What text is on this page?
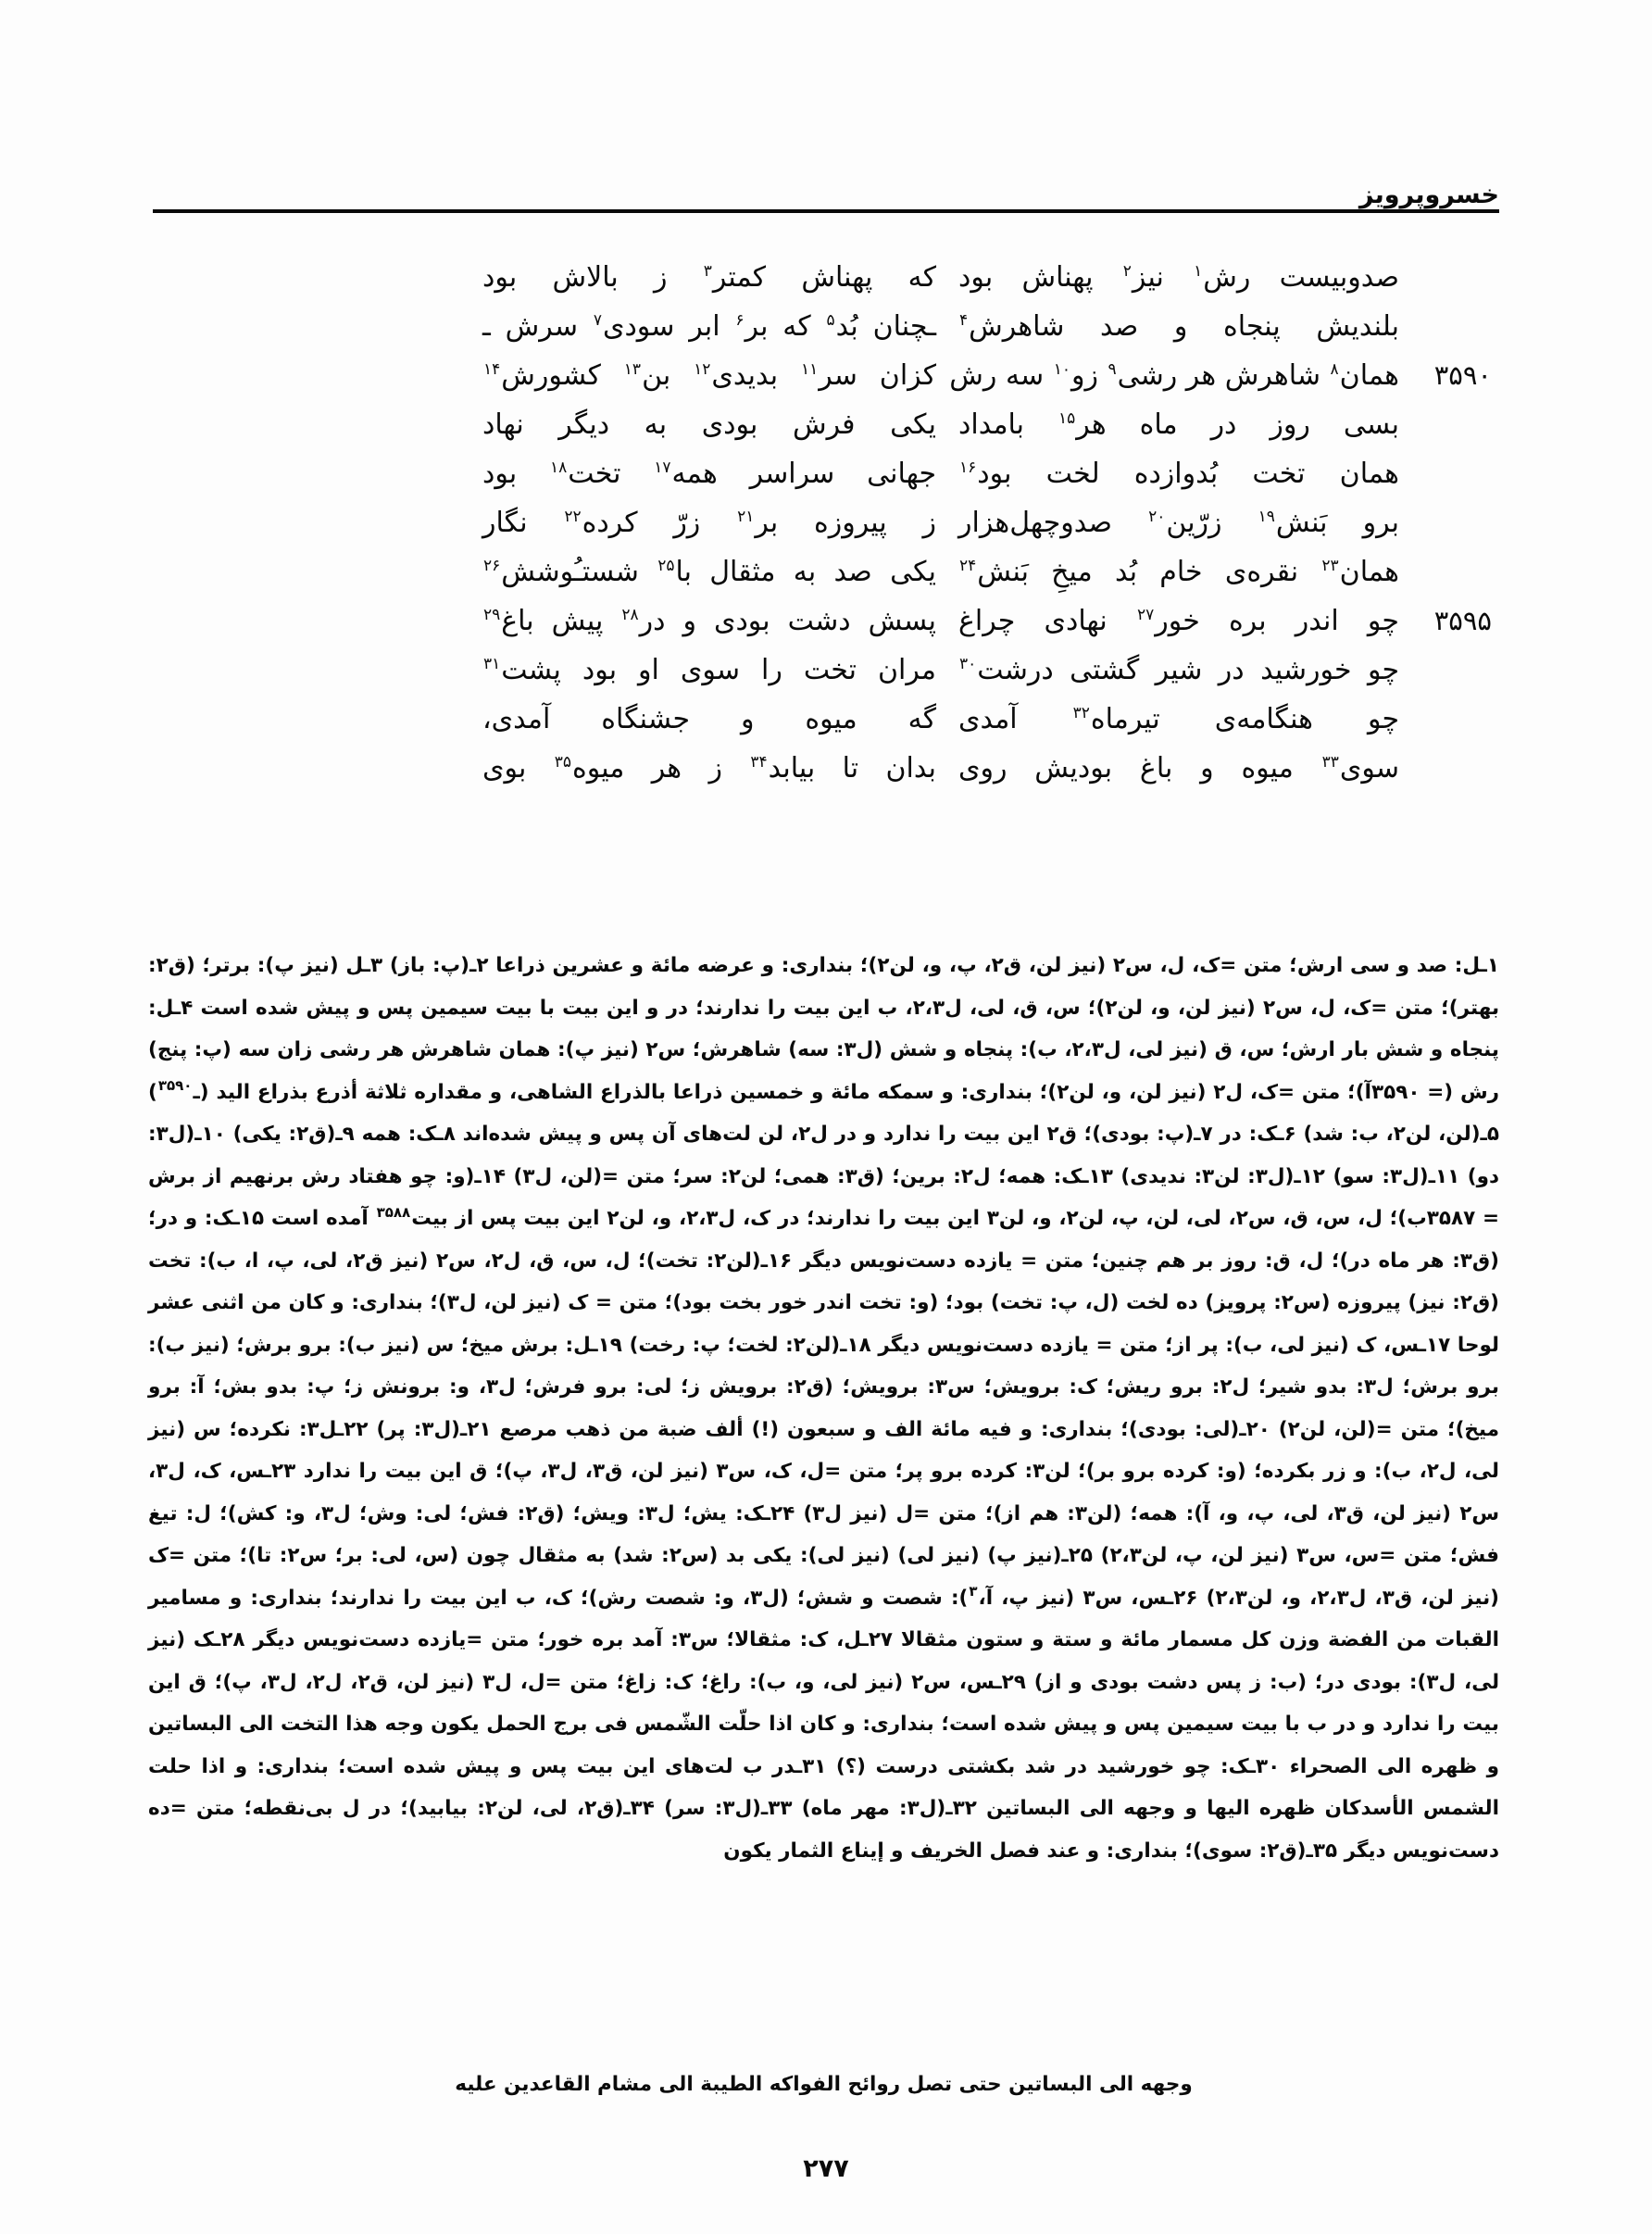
خسروپرویز
صدوبیست رش$^۱$ نیز$^۲$ پهناش بود
که پهناش کمتر$^۳$ ز بالاش بود
بلندیش پنجاه و صد شاهرش$^۴$
ـچنان بُد$^۵$ که بر$^۶$ ابر سودی$^۷$ سرش ـ
۳۵۹۰
همان$^۸$ شاهرش هر رشی$^۹$ زو$^{۱۰}$ سه رش
کزان سر$^{۱۱}$ بدیدی$^{۱۲}$ بن$^{۱۳}$ کشورش$^{۱۴}$
بسی روز در ماه هر$^{۱۵}$ بامداد
یکی فرش بودی به دیگر نهاد
همان تخت بُدوازده لخت بود$^{۱۶}$
جهانی سراسر همه$^{۱۷}$ تخت$^{۱۸}$ بود
برو بَنش$^{۱۹}$ زرّین$^{۲۰}$ صدوچهل‌هزار
ز پیروزه بر$^{۲۱}$ زرّ کرده$^{۲۲}$ نگار
همان$^{۲۳}$ نقره‌ی خام بُد میخِ بَنش$^{۲۴}$
یکی صد به مثقال با$^{۲۵}$ شستـُوشش$^{۲۶}$
۳۵۹۵
چو اندر بره خور$^{۲۷}$ نهادی چراغ
پسش دشت بودی و در$^{۲۸}$ پیش باغ$^{۲۹}$
چو خورشید در شیر گشتی درشت$^{۳۰}$
مران تخت را سوی او بود پشت$^{۳۱}$
چو هنگامه‌ی تیرماه$^{۳۲}$ آمدی
گه میوه و جشنگاه آمدی،
سوی$^{۳۳}$ میوه و باغ بودیش روی
بدان تا بیابد$^{۳۴}$ ز هر میوه$^{۳۵}$ بوی
۱ـل: صد و سی ارش؛ متن =ک، ل، س۲ (نیز لن، ق۲، پ، و، لن۲)؛ بنداری: و عرضه مائة و عشرین ذراعا ۲ـ(پ: باز) ۳ـل (نیز پ): برتر؛ (ق۲: بهتر)؛ متن =ک، ل، س۲ (نیز لن، و، لن۲)؛ س، ق، لی، ل۲،۳، ب این بیت را ندارند؛ در و این بیت با بیت سیمین پس و پیش شده است ۴ـل: پنجاه و شش بار ارش؛ س، ق (نیز لی، ل۲،۳، ب): پنجاه و شش (ل۳: سه) شاهرش؛ س۲ (نیز پ): همان شاهرش هر رشی زان سه (پ: پنج) رش (= ۳۵۹۰آ)؛ متن =ک، ل۲ (نیز لن، و، لن۲)؛ بنداری: و سمکه مائة و خمسین ذراعا بالذراع الشاهی، و مقداره ثلاثة أذرع بذراع الید (ـ$^{۳۵۹۰}$) ۵ـ(لن، لن۲، ب: شد) ۶ـک: در ۷ـ(پ: بودی)؛ ق۲ این بیت را ندارد و در ل۲، لن لت‌های آن پس و پیش شده‌اند ۸ـک: همه ۹ـ(ق۲: یکی) ۱۰ـ(ل۳: دو) ۱۱ـ(ل۳: سو) ۱۲ـ(ل۳: لن۳: ندیدی) ۱۳ـک: همه؛ ل۲: برین؛ (ق۳: همی؛ لن۲: سر؛ متن =(لن، ل۳) ۱۴ـ(و: چو هفتاد رش برنهیم از برش = ۳۵۸۷ب)؛ ل، س، ق، س۲، لی، لن، پ، لن۲، و، لن۳ این بیت را ندارند؛ در ک، ل۲،۳، و، لن۲ این بیت پس از بیت$^{۳۵۸۸}$ آمده است ۱۵ـک: و در؛ (ق۳: هر ماه در)؛ ل، ق: روز بر هم چنین؛ متن = یازده دست‌نویس دیگر ۱۶ـ(لن۲: تخت)؛ ل، س، ق، ل۲، س۲ (نیز ق۲، لی، پ، ا، ب): تخت (ق۲: نیز) پیروزه (س۲: پرویز) ده لخت (ل، پ: تخت) بود؛ (و: تخت اندر خور بخت بود)؛ متن = ک (نیز لن، ل۳)؛ بنداری: و کان من اثنی عشر لوحا ۱۷ـس، ک (نیز لی، ب): پر از؛ متن = یازده دست‌نویس دیگر ۱۸ـ(لن۲: لخت؛ پ: رخت) ۱۹ـل: برش میخ؛ س (نیز ب): برو برش؛ (نیز ب): برو برش؛ ل۳: بدو شیر؛ ل۲: برو ریش؛ ک: برویش؛ س۳: برویش؛ (ق۲: برویش ز؛ لی: برو فرش؛ ل۳، و: برونش ز؛ پ: بدو بش؛ آ: برو میخ)؛ متن =(لن، لن۲) ۲۰ـ(لی: بودی)؛ بنداری: و فیه مائة الف و سبعون (!) ألف ضبة من ذهب مرصع ۲۱ـ(ل۳: پر) ۲۲ـل۳: نکرده؛ س (نیز لی، ل۲، ب): و زر بکرده؛ (و: کرده برو بر)؛ لن۳: کرده برو پر؛ متن =ل، ک، س۳ (نیز لن، ق۳، ل۳، پ)؛ ق این بیت را ندارد ۲۳ـس، ک، ل۳، س۲ (نیز لن، ق۳، لی، پ، و، آ): همه؛ (لن۳: هم از)؛ متن =ل (نیز ل۳) ۲۴ـک: یش؛ ل۳: ویش؛ (ق۲: فش؛ لی: وش؛ ل۳، و: کش)؛ ل: تیغ فش؛ متن =س، س۳ (نیز لن، پ، لن۲،۳) ۲۵ـ(نیز پ) (نیز لی) (نیز لی): یکی بد (س۲: شد) به مثقال چون (س، لی: بر؛ س۲: تا)؛ متن =ک (نیز لن، ق۳، ل۲،۳، و، لن۲،۳) ۲۶ـس، س۳ (نیز پ، آ،$^۳$): شصت و شش؛ (ل۳، و: شصت رش)؛ ک، ب این بیت را ندارند؛ بنداری: و مسامیر القبات من الفضة وزن کل مسمار مائة و ستة و ستون مثقالا ۲۷ـل، ک: مثقالا؛ س۳: آمد بره خور؛ متن =یازده دست‌نویس دیگر ۲۸ـک (نیز لی، ل۳): بودی در؛ (ب: ز پس دشت بودی و از) ۲۹ـس، س۲ (نیز لی، و، ب): راغ؛ ک: زاغ؛ متن =ل، ل۳ (نیز لن، ق۲، ل۲، ل۳، پ)؛ ق این بیت را ندارد و در ب با بیت سیمین پس و پیش شده است؛ بنداری: و کان اذا حلّت الشّمس فی برج الحمل یکون وجه هذا التخت الی البساتین و ظهره الی الصحراء ۳۰ـک: چو خورشید در شد بکشتی درست (؟) ۳۱ـدر ب لت‌های این بیت پس و پیش شده است؛ بنداری: و اذا حلت الشمس الأسدکان ظهره الیها و وجهه الی البساتین ۳۲ـ(ل۳: مهر ماه) ۳۳ـ(ل۳: سر) ۳۴ـ(ق۲، لی، لن۲: بیابید)؛ در ل بی‌نقطه؛ متن =ده دست‌نویس دیگر ۳۵ـ(ق۲: سوی)؛ بنداری: و عند فصل الخریف و إیناع الثمار یکون
وجهه الی البساتین حتی تصل روائح الفواکه الطیبة الی مشام القاعدین علیه
۲۷۷
